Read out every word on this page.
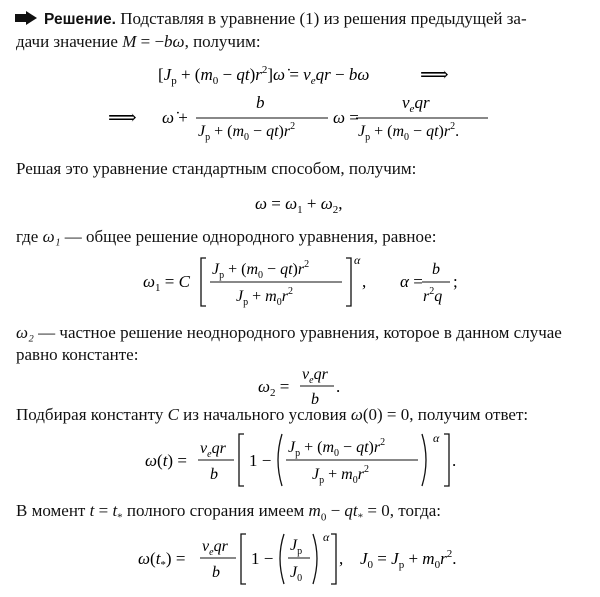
Решение. Подставляя в уравнение (1) из решения предыдущей за-
дачи значение M = −bω, получим:
[$J_р + (m_0$ − $qt)r^2]\omegȧ = v_eqr - b\omega$	⟹
⟹ ω̇ +
b
$J_р + (m_0 - qt)r^2$ ω =
$v_eqr$
$J_р + (m_0 - qt)r^2$.
Решая это уравнение стандартным способом, получим:
$\omega = \omega_1 + \omega_2$,
где ω₁ — общее решение однородного уравнения, равное:
$\omega_1 = C$
$J_р + (m_0 - qt)r^2$
$J_р + m_0r^2$
α
, α =
b
$r^2q$
;
ω₂ — частное решение неоднородного уравнения, которое в данном случае
равно константе:
$\omega_2$ =
$v_eqr$
b
.
Подбирая константу C из начального условия ω(0) = 0, получим ответ:
ω(t) =
$v_eqr$
b
1 −
$J_р + (m_0 - qt)r^2$
$J_р + m_0r^2$
α
.
В момент $t = t_*$ полного сгорания имеем $m_0 - qt_* = 0$, тогда:
$\omega(t_*)$ =
$v_eqr$
b
1 −
$J_р$
$J_0$
α
, $J_0 = J_р + m_0r^2$.
